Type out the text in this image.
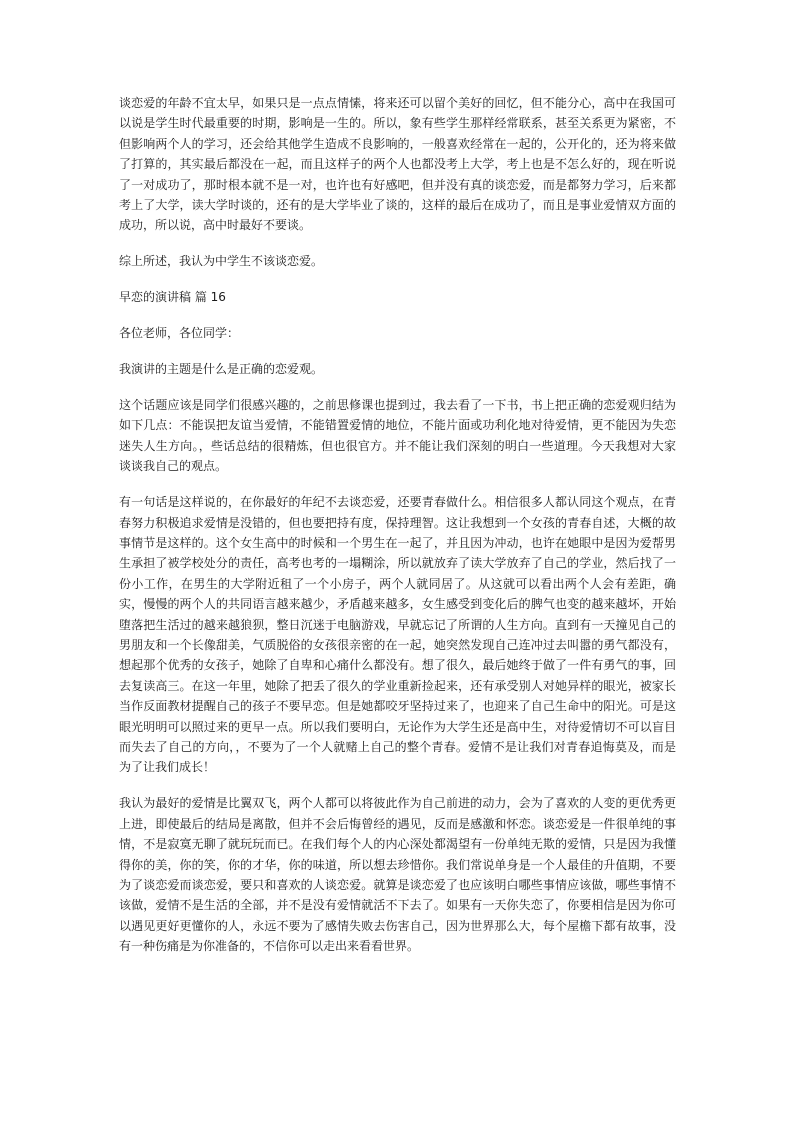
谈恋爱的年龄不宜太早，如果只是一点点情愫，将来还可以留个美好的回忆，但不能分心，高中在我国可以说是学生时代最重要的时期，影响是一生的。所以，象有些学生那样经常联系，甚至关系更为紧密，不但影响两个人的学习，还会给其他学生造成不良影响的，一般喜欢经常在一起的，公开化的，还为将来做了打算的，其实最后都没在一起，而且这样子的两个人也都没考上大学，考上也是不怎么好的，现在听说了一对成功了，那时根本就不是一对，也许也有好感吧，但并没有真的谈恋爱，而是都努力学习，后来都考上了大学，读大学时谈的，还有的是大学毕业了谈的，这样的最后在成功了，而且是事业爱情双方面的成功，所以说，高中时最好不要谈。

综上所述，我认为中学生不该谈恋爱。

早恋的演讲稿 篇 16

各位老师，各位同学：

我演讲的主题是什么是正确的恋爱观。

这个话题应该是同学们很感兴趣的，之前思修课也提到过，我去看了一下书，书上把正确的恋爱观归结为如下几点：不能误把友谊当爱情，不能错置爱情的地位，不能片面或功利化地对待爱情，更不能因为失恋迷失人生方向。，些话总结的很精炼，但也很官方。并不能让我们深刻的明白一些道理。今天我想对大家谈谈我自己的观点。

有一句话是这样说的，在你最好的年纪不去谈恋爱，还要青春做什么。相信很多人都认同这个观点，在青春努力积极追求爱情是没错的，但也要把持有度，保持理智。这让我想到一个女孩的青春自述，大概的故事情节是这样的。这个女生高中的时候和一个男生在一起了，并且因为冲动，也许在她眼中是因为爱帮男生承担了被学校处分的责任，高考也考的一塌糊涂，所以就放弃了读大学放弃了自己的学业，然后找了一份小工作，在男生的大学附近租了一个小房子，两个人就同居了。从这就可以看出两个人会有差距，确实，慢慢的两个人的共同语言越来越少，矛盾越来越多，女生感受到变化后的脾气也变的越来越坏，开始堕落把生活过的越来越狼狈，整日沉迷于电脑游戏，早就忘记了所谓的人生方向。直到有一天撞见自己的男朋友和一个长像甜美，气质脱俗的女孩很亲密的在一起，她突然发现自己连冲过去叫嚣的勇气都没有，想起那个优秀的女孩子，她除了自卑和心痛什么都没有。想了很久，最后她终于做了一件有勇气的事，回去复读高三。在这一年里，她除了把丢了很久的学业重新捡起来，还有承受别人对她异样的眼光，被家长当作反面教材提醒自己的孩子不要早恋。但是她都咬牙坚持过来了，也迎来了自己生命中的阳光。可是这眼光明明可以照过来的更早一点。所以我们要明白，无论作为大学生还是高中生，对待爱情切不可以盲目而失去了自己的方向，，不要为了一个人就赌上自己的整个青春。爱情不是让我们对青春追悔莫及，而是为了让我们成长！

我认为最好的爱情是比翼双飞，两个人都可以将彼此作为自己前进的动力，会为了喜欢的人变的更优秀更上进，即使最后的结局是离散，但并不会后悔曾经的遇见，反而是感激和怀恋。谈恋爱是一件很单纯的事情，不是寂寞无聊了就玩玩而已。在我们每个人的内心深处都渴望有一份单纯无欺的爱情，只是因为我懂得你的美，你的笑，你的才华，你的味道，所以想去珍惜你。我们常说单身是一个人最佳的升值期，不要为了谈恋爱而谈恋爱，要只和喜欢的人谈恋爱。就算是谈恋爱了也应该明白哪些事情应该做，哪些事情不该做，爱情不是生活的全部，并不是没有爱情就活不下去了。如果有一天你失恋了，你要相信是因为你可以遇见更好更懂你的人，永远不要为了感情失败去伤害自己，因为世界那么大，每个屋檐下都有故事，没有一种伤痛是为你准备的，不信你可以走出来看看世界。
